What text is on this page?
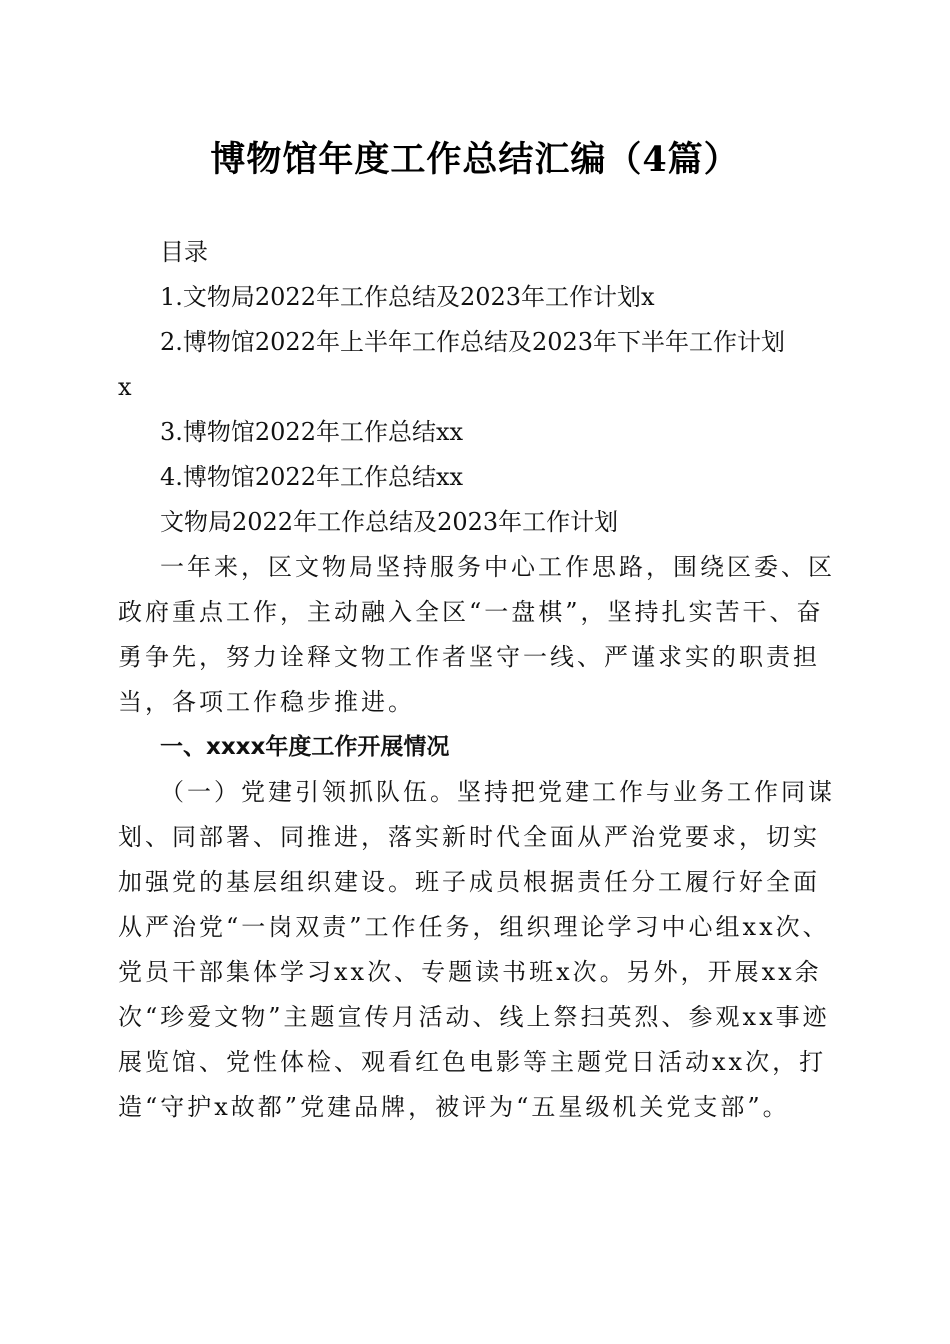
博物馆年度工作总结汇编（4篇）

目录

1.文物局2022年工作总结及2023年工作计划x

2.博物馆2022年上半年工作总结及2023年下半年工作计划

x

3.博物馆2022年工作总结xx

4.博物馆2022年工作总结xx

文物局2022年工作总结及2023年工作计划

一年来，区文物局坚持服务中心工作思路，围绕区委、区政府重点工作，主动融入全区“一盘棋”，坚持扎实苦干、奋勇争先，努力诠释文物工作者坚守一线、严谨求实的职责担当，各项工作稳步推进。

一、xxxx年度工作开展情况

（一）党建引领抓队伍。坚持把党建工作与业务工作同谋划、同部署、同推进，落实新时代全面从严治党要求，切实加强党的基层组织建设。班子成员根据责任分工履行好全面从严治党“一岗双责”工作任务，组织理论学习中心组xx次、党员干部集体学习xx次、专题读书班x次。另外，开展xx余次“珍爱文物”主题宣传月活动、线上祭扫英烈、参观xx事迹展览馆、党性体检、观看红色电影等主题党日活动xx次，打造“守护x故都”党建品牌，被评为“五星级机关党支部”。
